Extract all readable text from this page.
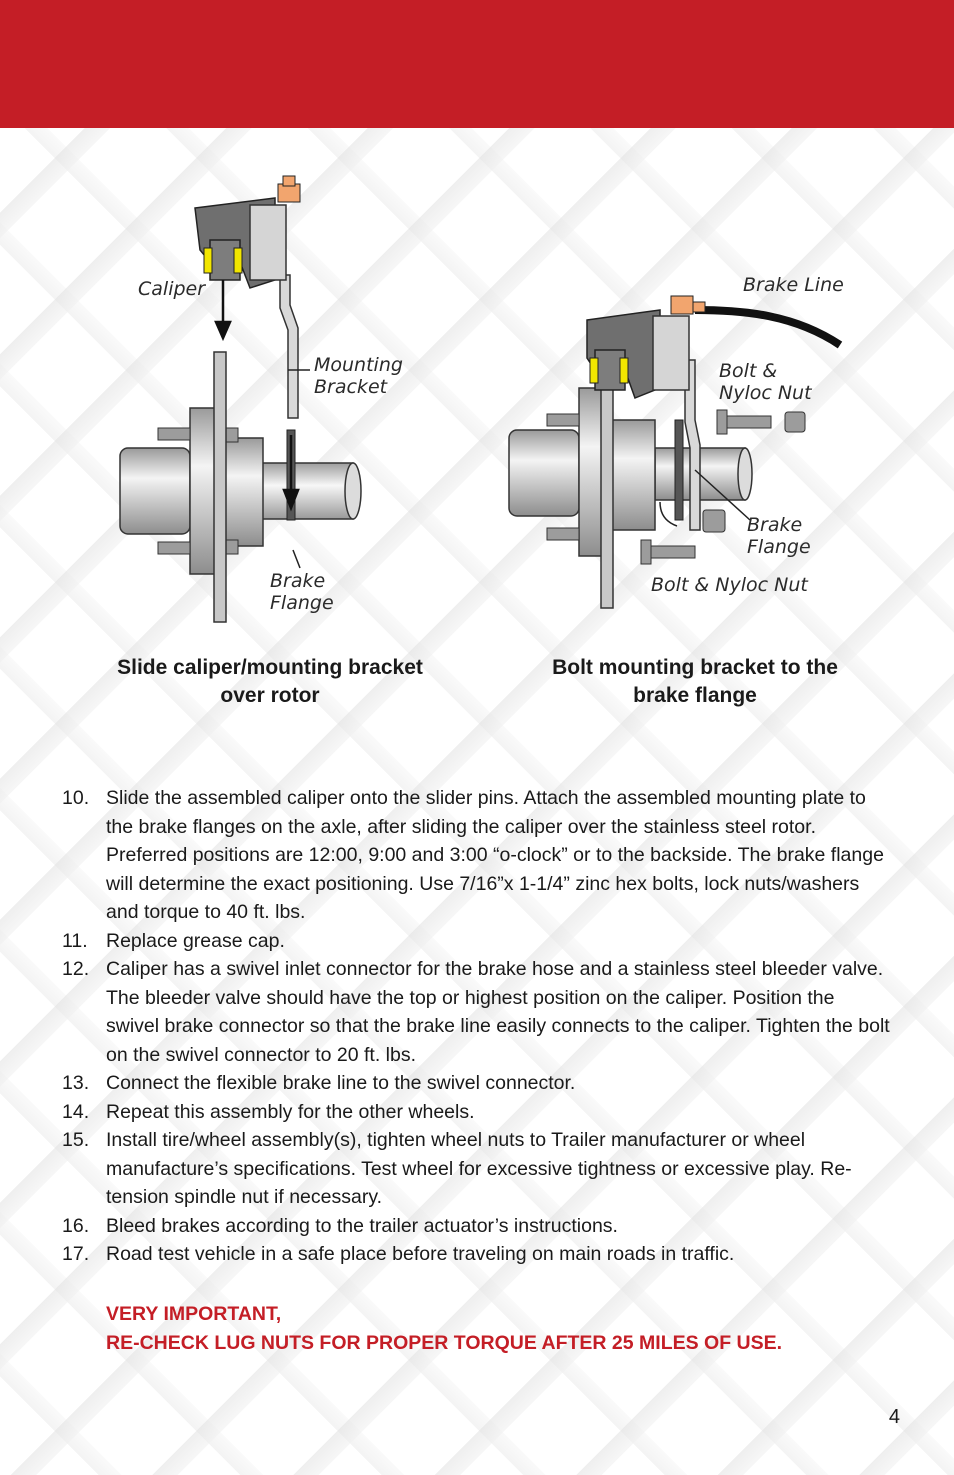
Caliper
Mounting
Bracket
Brake
Flange
Brake Line
Bolt &
Nyloc Nut
Brake
Flange
Bolt & Nyloc Nut
Slide caliper/mounting bracket
over rotor
Bolt mounting bracket to the
brake flange
10. Slide the assembled caliper onto the slider pins. Attach the assembled mounting plate to the brake flanges on the axle, after sliding the caliper over the stainless steel rotor. Preferred positions are 12:00, 9:00 and 3:00 “o-clock” or to the backside. The brake flange will determine the exact positioning. Use 7/16”x 1-1/4” zinc hex bolts, lock nuts/washers and torque to 40 ft. lbs.
11. Replace grease cap.
12. Caliper has a swivel inlet connector for the brake hose and a stainless steel bleeder valve. The bleeder valve should have the top or highest position on the caliper. Position the swivel brake connector so that the brake line easily connects to the caliper. Tighten the bolt on the swivel connector to 20 ft. lbs.
13. Connect the flexible brake line to the swivel connector.
14. Repeat this assembly for the other wheels.
15. Install tire/wheel assembly(s), tighten wheel nuts to Trailer manufacturer or wheel manufacture’s specifications. Test wheel for excessive tightness or excessive play. Re-tension spindle nut if necessary.
16. Bleed brakes according to the trailer actuator’s instructions.
17. Road test vehicle in a safe place before traveling on main roads in traffic.
VERY IMPORTANT,
RE-CHECK LUG NUTS FOR PROPER TORQUE AFTER 25 MILES OF USE.
4
